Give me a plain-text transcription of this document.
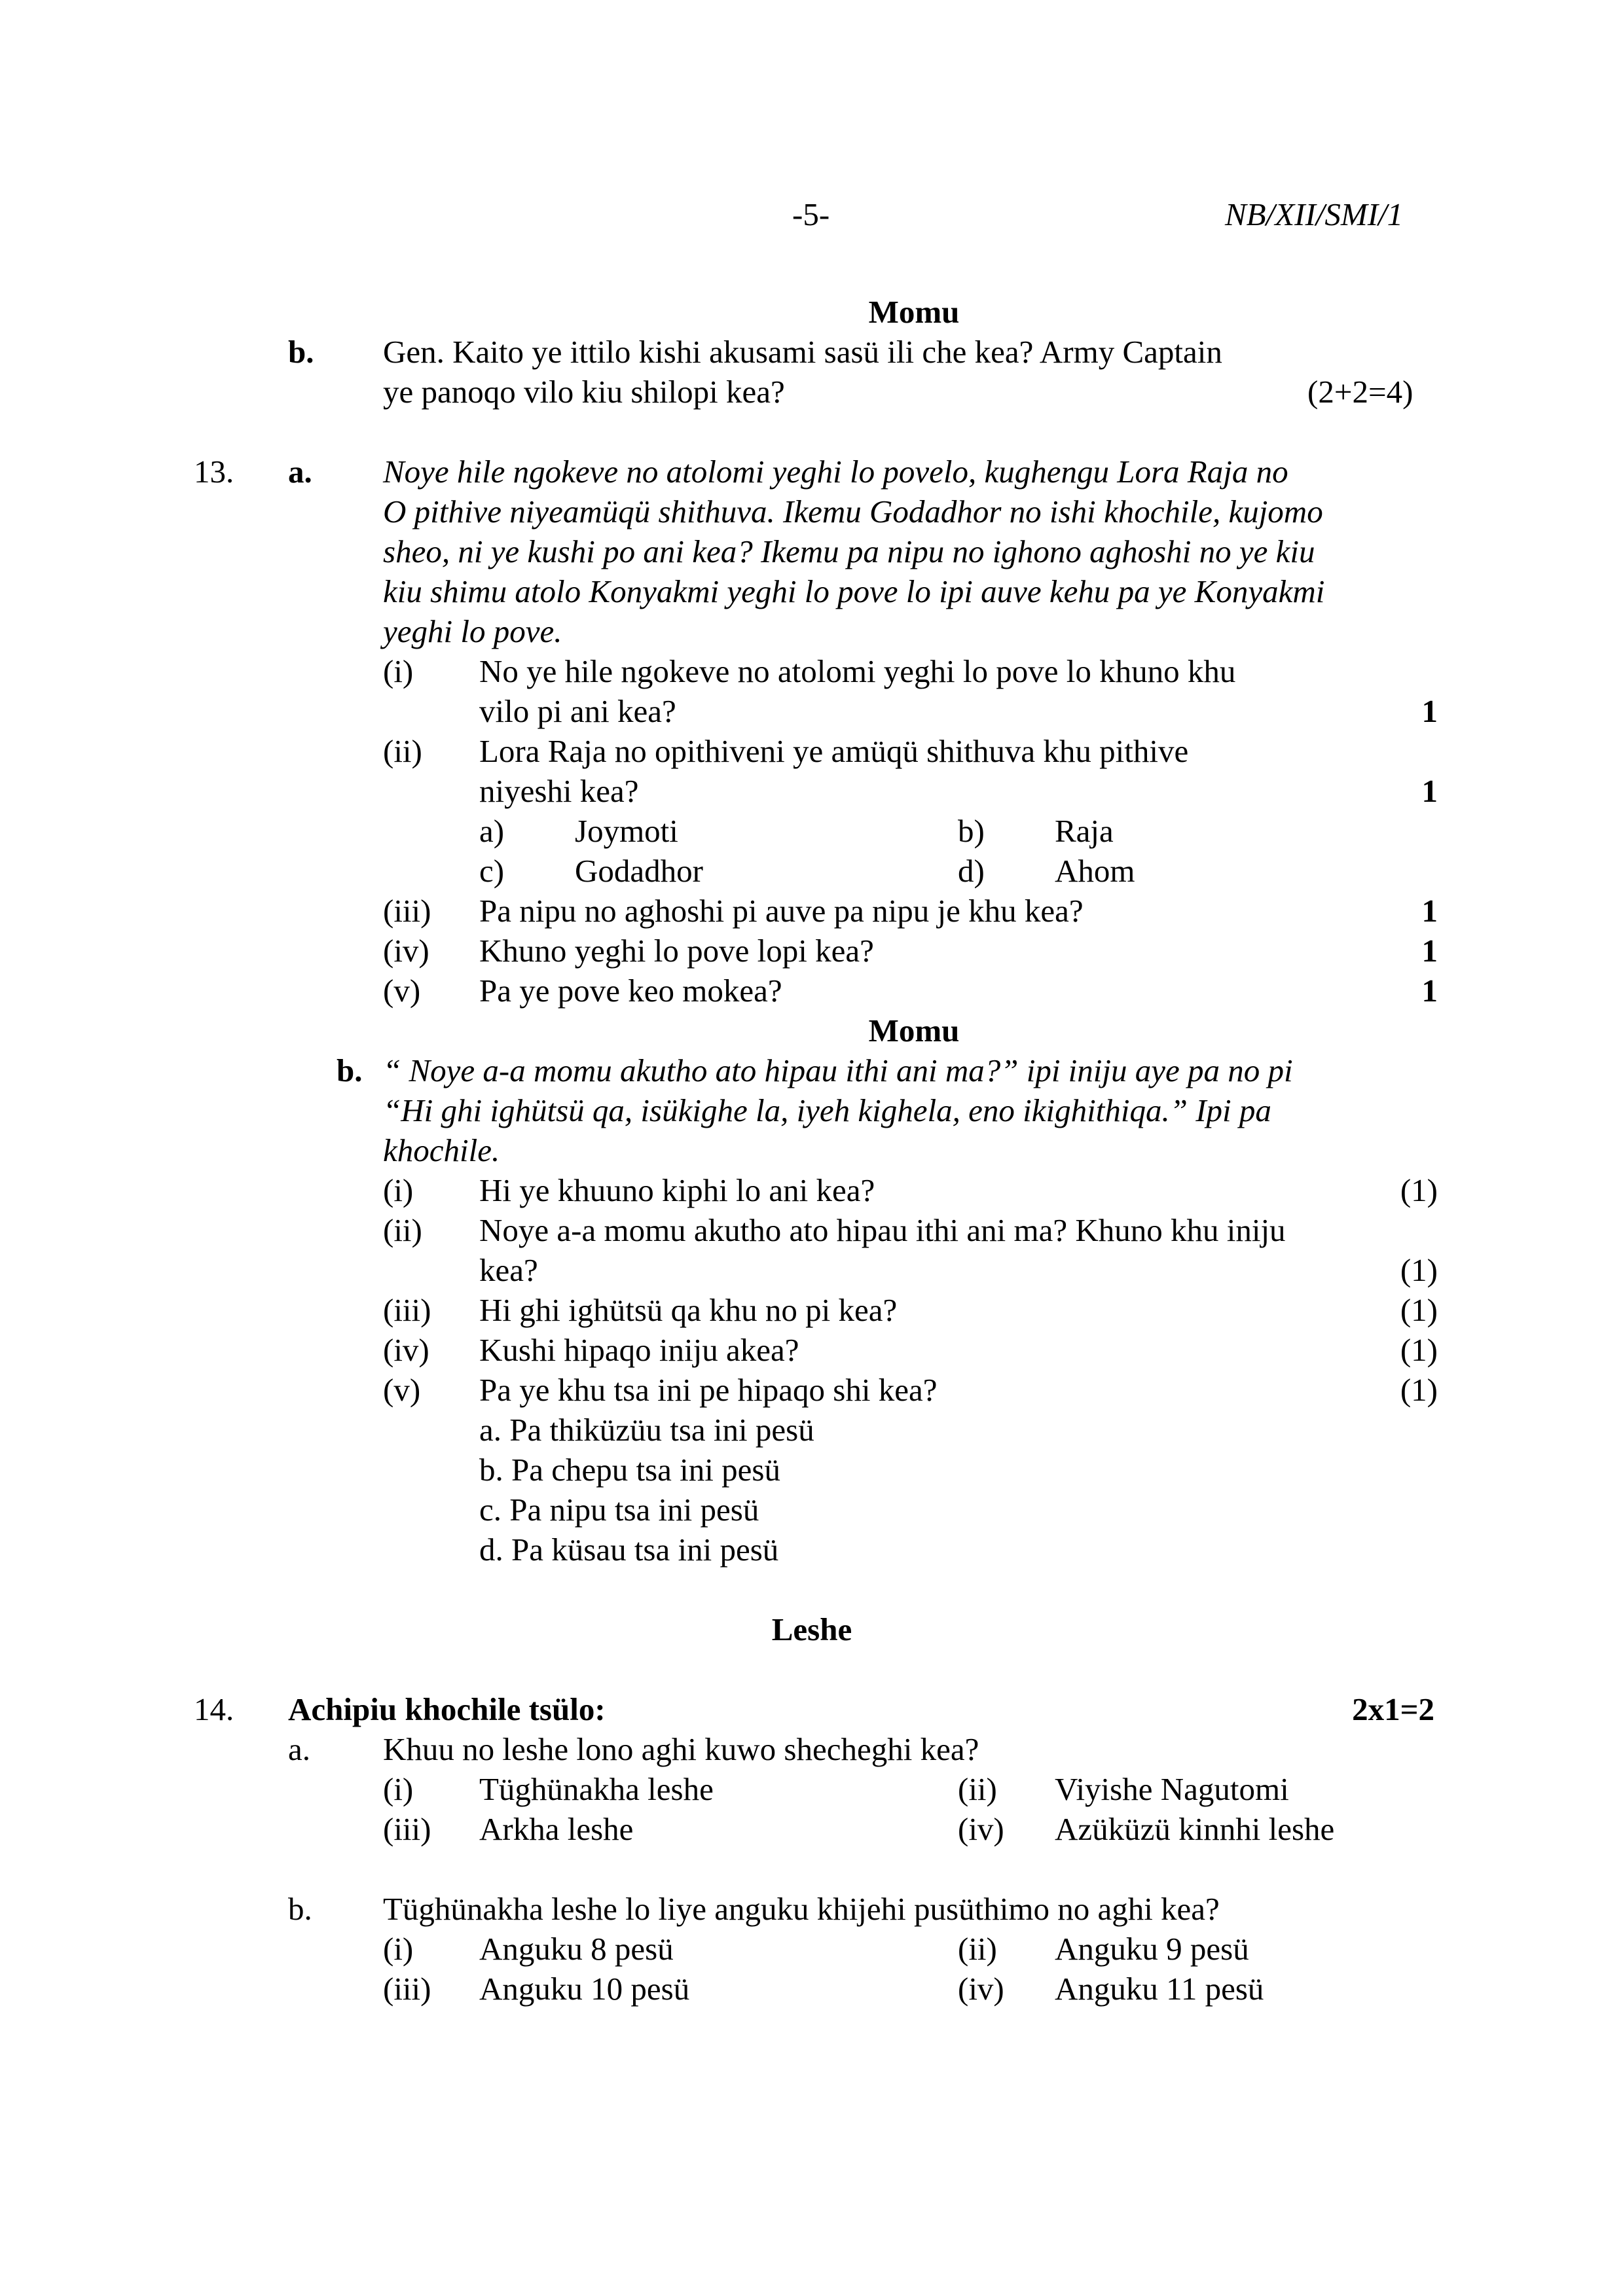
-5-	NB/XII/SMI/1
Momu
b. Gen. Kaito ye ittilo kishi akusami sasü ili che kea? Army Captain
ye panoqo vilo kiu shilopi kea?	(2+2=4)
13. a. Noye hile ngokeve no atolomi yeghi lo povelo, kughengu Lora Raja no
O pithive niyeamüqü shithuva. Ikemu Godadhor no ishi khochile, kujomo
sheo, ni ye kushi po ani kea? Ikemu pa nipu no ighono aghoshi no ye kiu
kiu shimu atolo Konyakmi yeghi lo pove lo ipi auve kehu pa ye Konyakmi
yeghi lo pove.
(i) No ye hile ngokeve no atolomi yeghi lo pove lo khuno khu
vilo pi ani kea?	1
(ii) Lora Raja no opithiveni ye amüqü shithuva khu pithive
niyeshi kea?	1
a) Joymoti	b) Raja
c) Godadhor	d) Ahom
(iii) Pa nipu no aghoshi pi auve pa nipu je khu kea?	1
(iv) Khuno yeghi lo pove lopi kea?	1
(v) Pa ye pove keo mokea?	1
Momu
b. “ Noye a-a momu akutho ato hipau ithi ani ma?” ipi iniju aye pa no pi
“Hi ghi ighütsü qa, isükighe la, iyeh kighela, eno ikighithiqa.” Ipi pa
khochile.
(i) Hi ye khuuno kiphi lo ani kea?	(1)
(ii) Noye a-a momu akutho ato hipau ithi ani ma? Khuno khu iniju
kea?	(1)
(iii) Hi ghi ighütsü qa khu no pi kea?	(1)
(iv) Kushi hipaqo iniju akea?	(1)
(v) Pa ye khu tsa ini pe hipaqo shi kea?	(1)
a. Pa thiküzüu tsa ini pesü
b. Pa chepu tsa ini pesü
c. Pa nipu tsa ini pesü
d. Pa küsau tsa ini pesü
Leshe
14. Achipiu khochile tsülo:	2x1=2
a. Khuu no leshe lono aghi kuwo shecheghi kea?
(i) Tüghünakha leshe	(ii) Viyishe Nagutomi
(iii) Arkha leshe	(iv) Azüküzü kinnhi leshe
b. Tüghünakha leshe lo liye anguku khijehi pusüthimo no aghi kea?
(i) Anguku 8 pesü	(ii) Anguku 9 pesü
(iii) Anguku 10 pesü	(iv) Anguku 11 pesü
